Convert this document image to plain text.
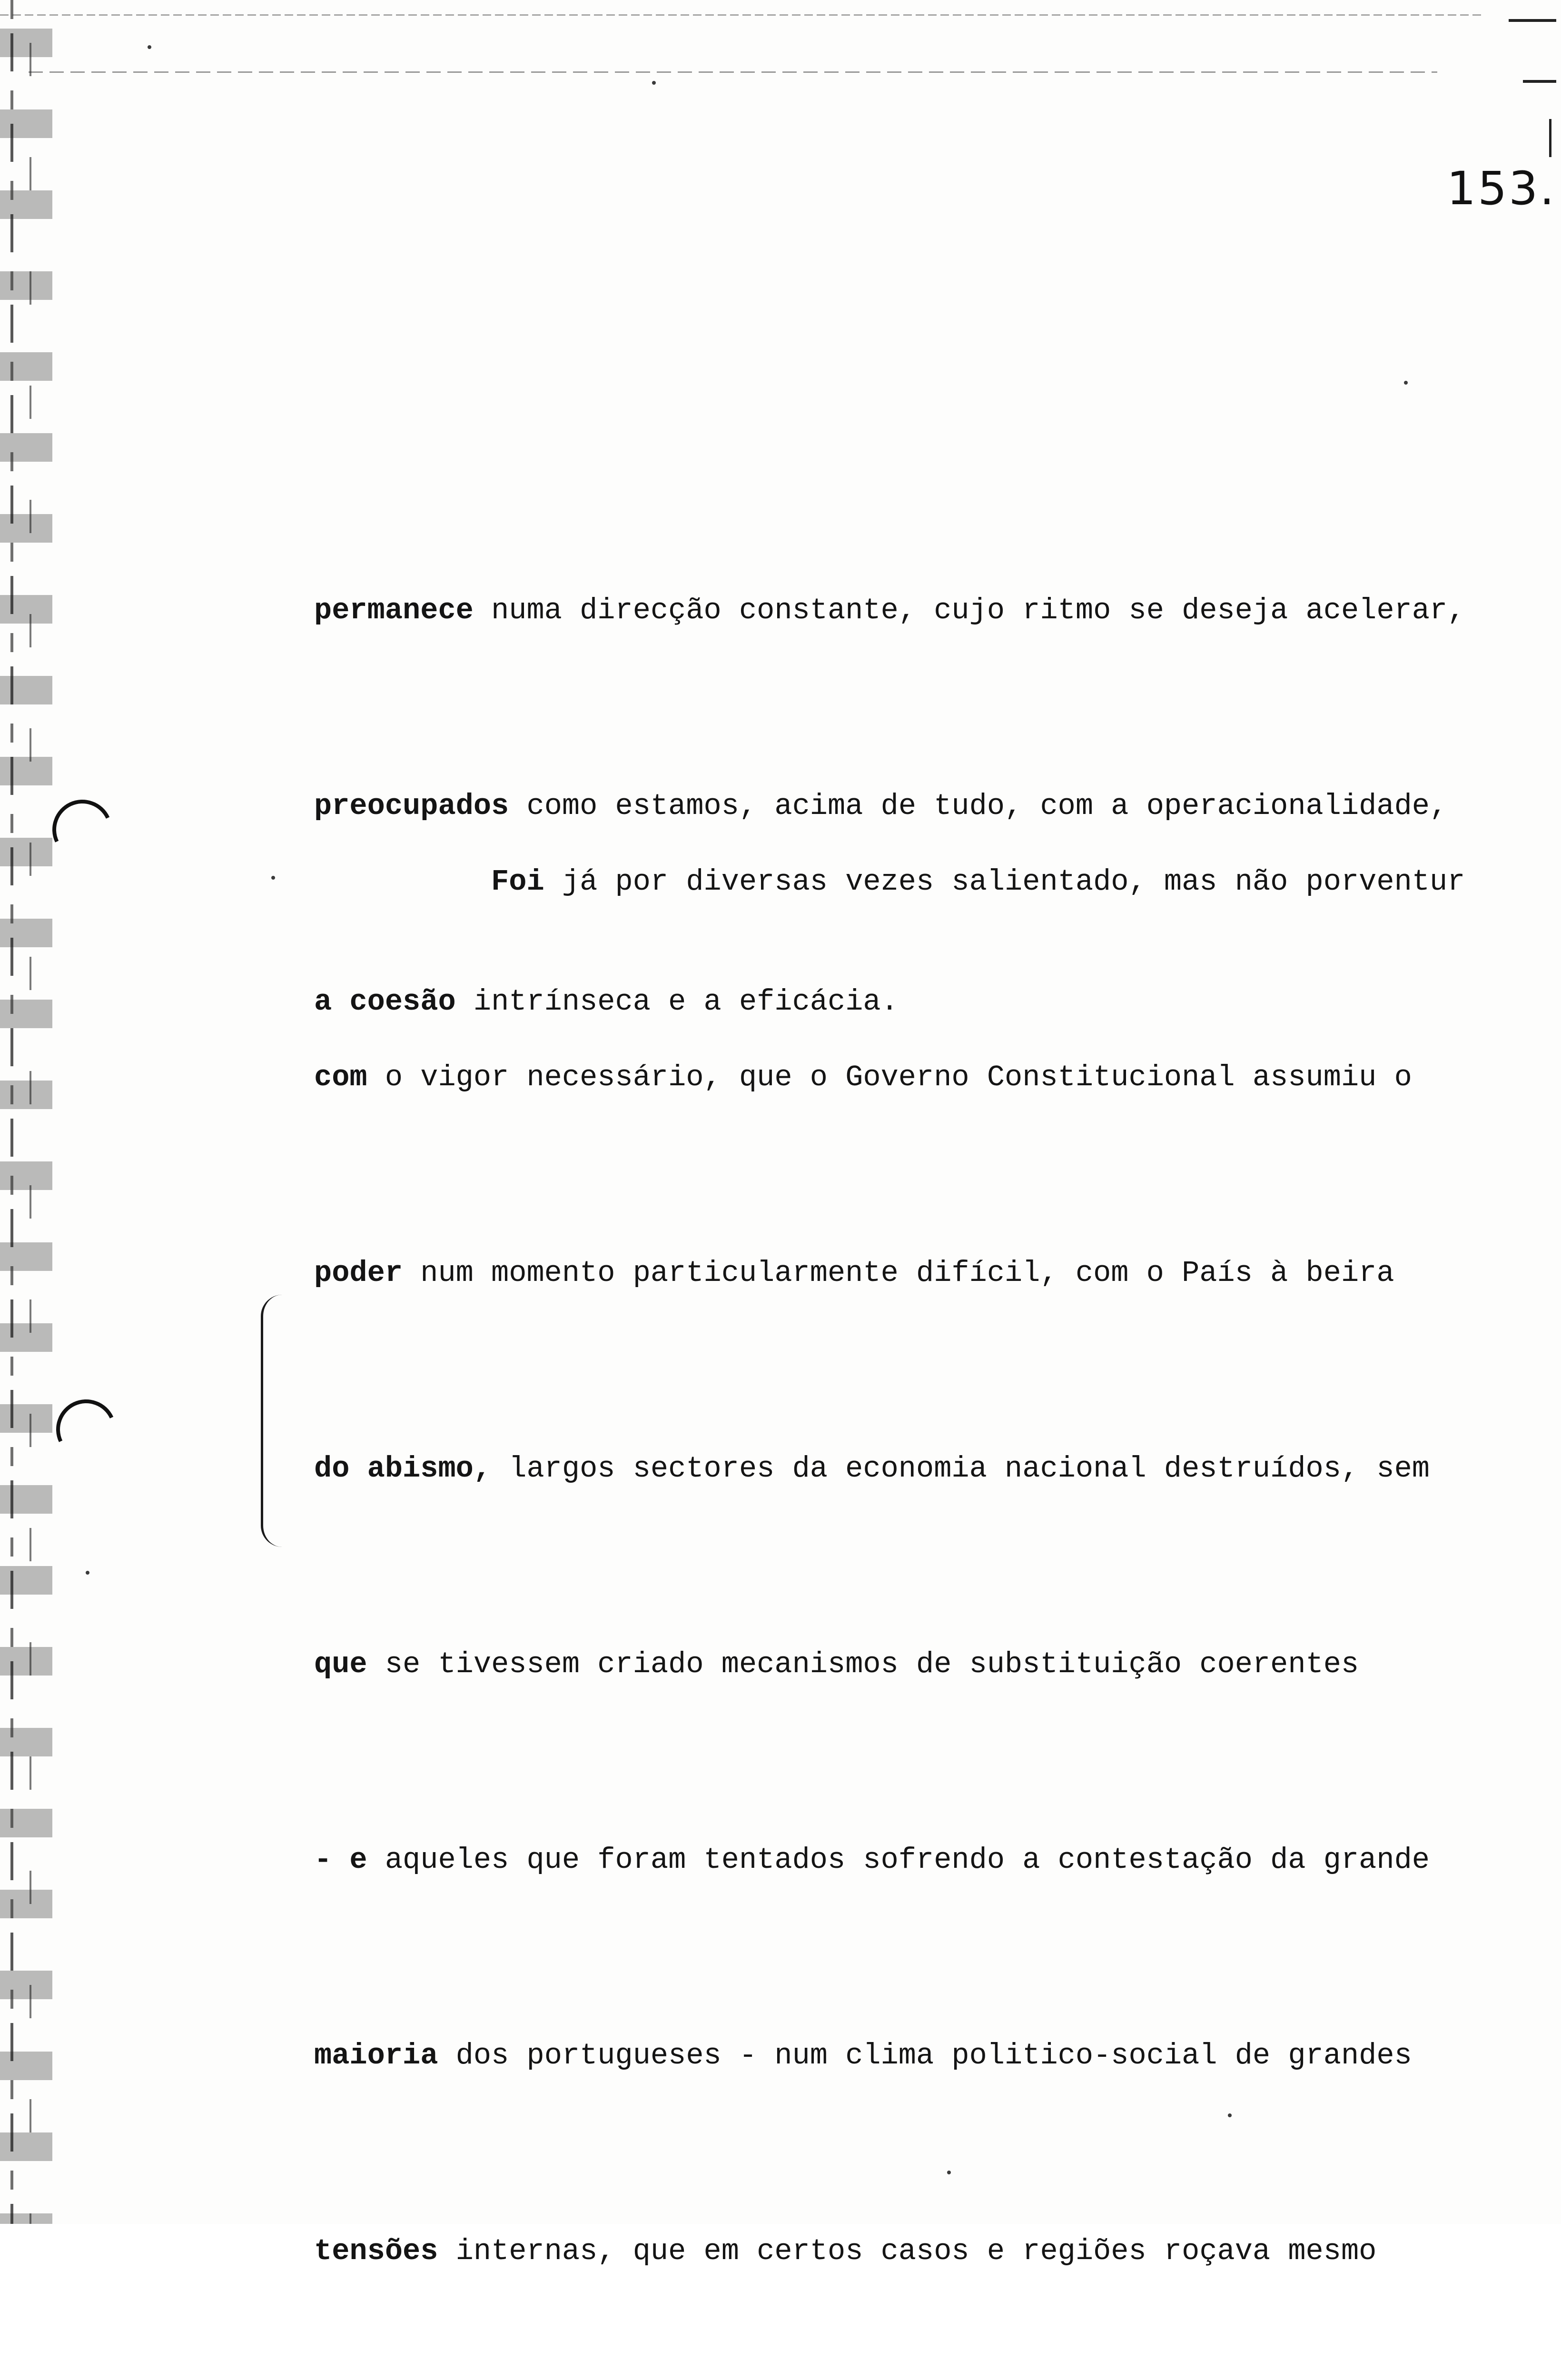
153.

permanece numa direcção constante, cujo ritmo se deseja acelerar,

preocupados como estamos, acima de tudo, com a operacionalidade,

a coesão intrínseca e a eficácia.

Foi já por diversas vezes salientado, mas não porventur

com o vigor necessário, que o Governo Constitucional assumiu o

poder num momento particularmente difícil, com o País à beira

do abismo, largos sectores da economia nacional destruídos, sem

que se tivessem criado mecanismos de substituição coerentes

- e aqueles que foram tentados sofrendo a contestação da grande

maioria dos portugueses - num clima politico-social de grandes

tensões internas, que em certos casos e regiões roçava mesmo
